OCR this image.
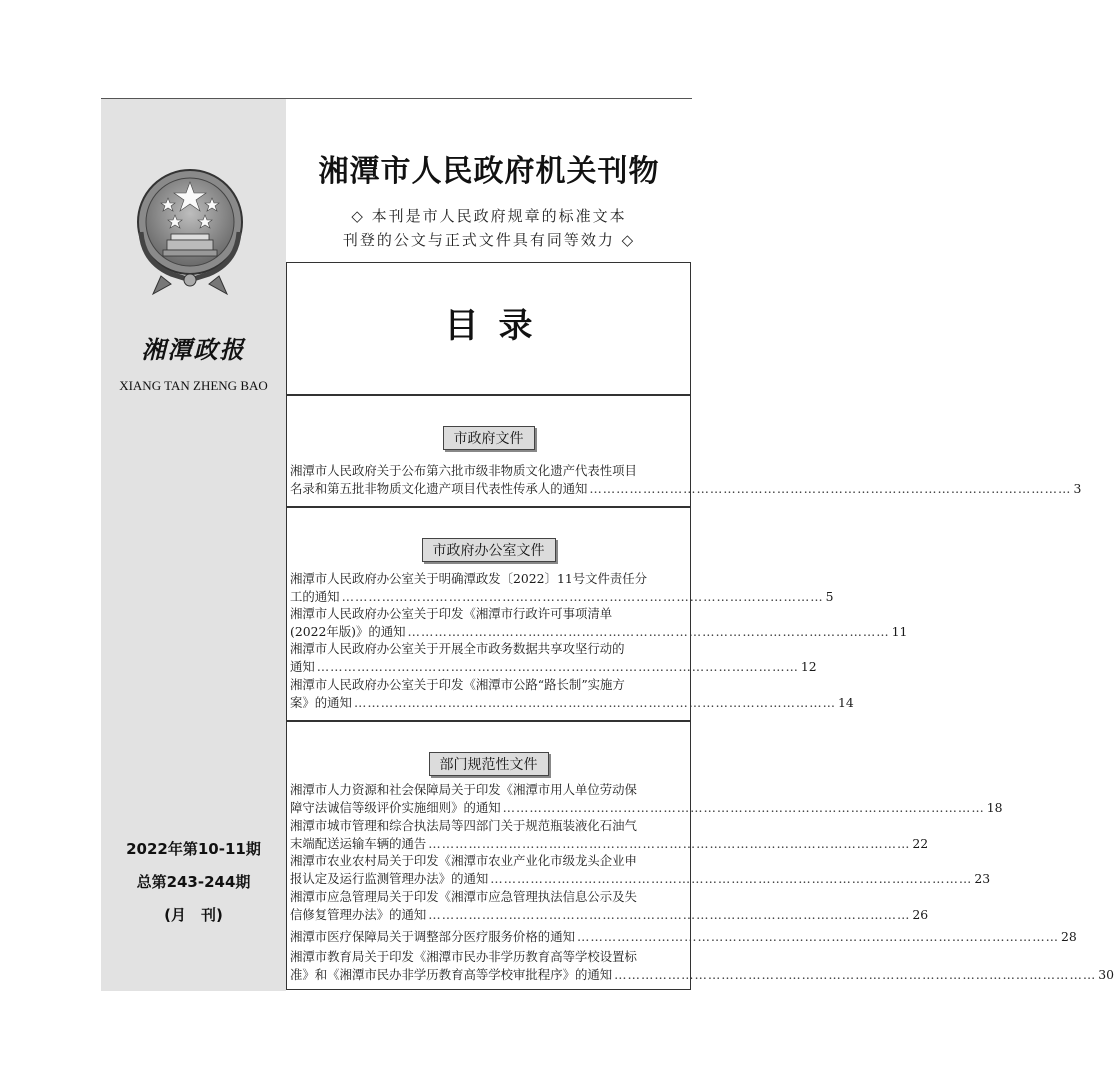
湘潭政报
XIANG TAN ZHENG BAO
2022年第10-11期
总第243-244期
(月　刊)
湘潭市人民政府机关刊物
◇ 本刊是市人民政府规章的标准文本
刊登的公文与正式文件具有同等效力 ◇
目录
市政府文件
湘潭市人民政府关于公布第六批市级非物质文化遗产代表性项目
名录和第五批非物质文化遗产项目代表性传承人的通知 ……………………………………………………………………………………………… 3
市政府办公室文件
湘潭市人民政府办公室关于明确潭政发〔2022〕11号文件责任分
工的通知 ……………………………………………………………………………………………… 5
湘潭市人民政府办公室关于印发《湘潭市行政许可事项清单
(2022年版)》的通知 ……………………………………………………………………………………………… 11
湘潭市人民政府办公室关于开展全市政务数据共享攻坚行动的
通知 ……………………………………………………………………………………………… 12
湘潭市人民政府办公室关于印发《湘潭市公路“路长制”实施方
案》的通知 ……………………………………………………………………………………………… 14
部门规范性文件
湘潭市人力资源和社会保障局关于印发《湘潭市用人单位劳动保
障守法诚信等级评价实施细则》的通知 ……………………………………………………………………………………………… 18
湘潭市城市管理和综合执法局等四部门关于规范瓶装液化石油气
末端配送运输车辆的通告 ……………………………………………………………………………………………… 22
湘潭市农业农村局关于印发《湘潭市农业产业化市级龙头企业申
报认定及运行监测管理办法》的通知 ……………………………………………………………………………………………… 23
湘潭市应急管理局关于印发《湘潭市应急管理执法信息公示及失
信修复管理办法》的通知 ……………………………………………………………………………………………… 26
湘潭市医疗保障局关于调整部分医疗服务价格的通知 ……………………………………………………………………………………………… 28
湘潭市教育局关于印发《湘潭市民办非学历教育高等学校设置标
准》和《湘潭市民办非学历教育高等学校审批程序》的通知 ……………………………………………………………………………………………… 30
